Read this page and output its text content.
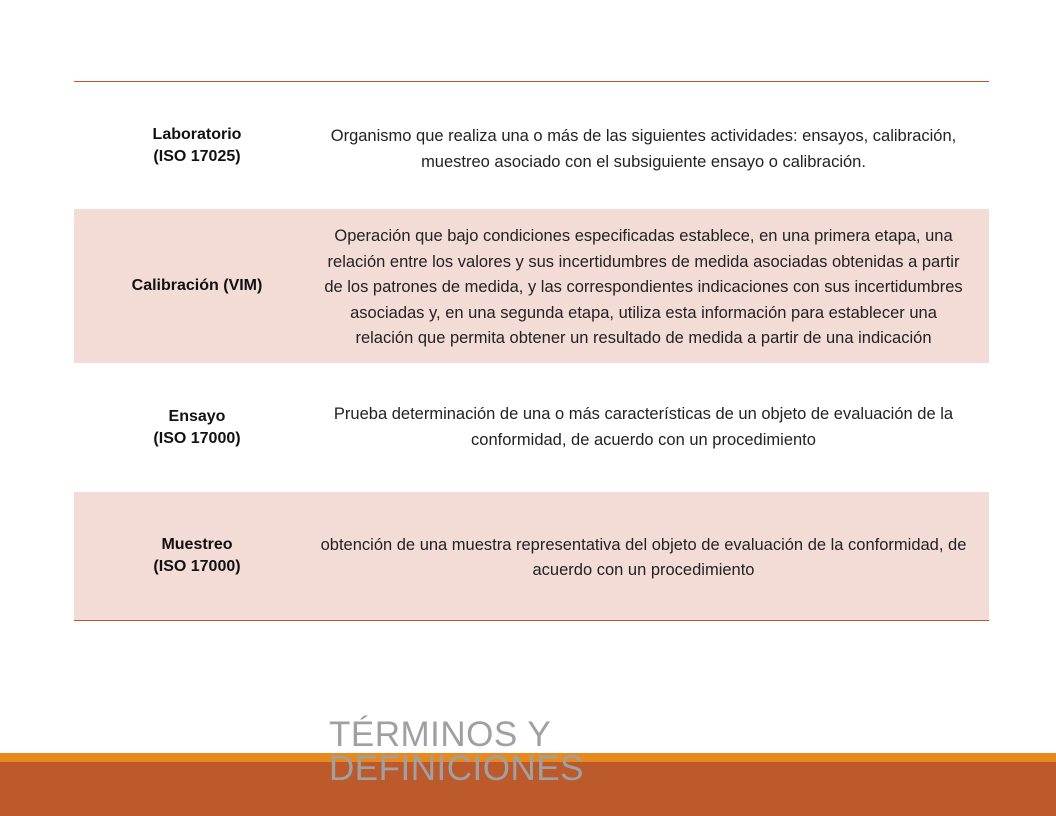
Laboratorio
(ISO 17025)
Organismo que realiza una o más de las siguientes actividades: ensayos, calibración, muestreo asociado con el subsiguiente ensayo o calibración.
Calibración (VIM)
Operación que bajo condiciones especificadas establece, en una primera etapa, una relación entre los valores y sus incertidumbres de medida asociadas obtenidas a partir de los patrones de medida, y las correspondientes indicaciones con sus incertidumbres asociadas y, en una segunda etapa, utiliza esta información para establecer una relación que permita obtener un resultado de medida a partir de una indicación
Ensayo
(ISO 17000)
Prueba determinación de una o más características de un objeto de evaluación de la conformidad, de acuerdo con un procedimiento
Muestreo
(ISO 17000)
obtención de una muestra representativa del objeto de evaluación de la conformidad, de acuerdo con un procedimiento
TÉRMINOS Y
DEFINICIONES
